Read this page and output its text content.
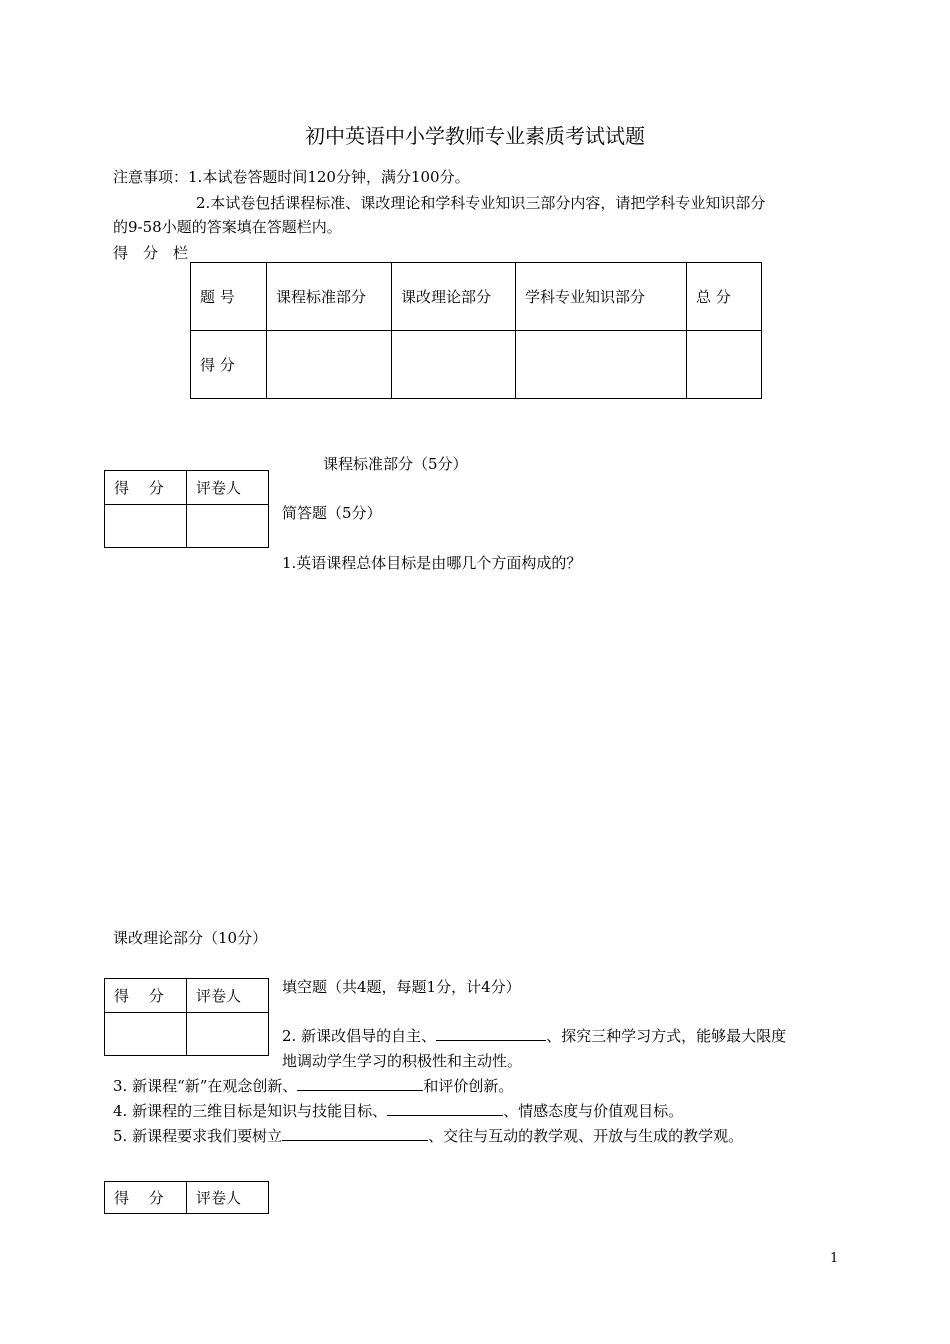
初中英语中小学教师专业素质考试试题
注意事项：1.本试卷答题时间120分钟，满分100分。
2.本试卷包括课程标准、课改理论和学科专业知识三部分内容，请把学科专业知识部分
的9-58小题的答案填在答题栏内。
得　分　栏
题 号	课程标准部分	课改理论部分	学科专业知识部分	总 分
得 分				
课程标准部分（5分）
得　 分	评卷人

简答题（5分）
1.英语课程总体目标是由哪几个方面构成的？
课改理论部分（10分）
得　 分	评卷人
		填空题（共4题，每题1分，计4分）
2. 新课改倡导的自主、	、探究三种学习方式，能够最大限度
地调动学生学习的积极性和主动性。
3. 新课程“新”在观念创新、	和评价创新。
4. 新课程的三维目标是知识与技能目标、	、情感态度与价值观目标。
5. 新课程要求我们要树立	、交往与互动的教学观、开放与生成的教学观。
得　 分	评卷人
1
